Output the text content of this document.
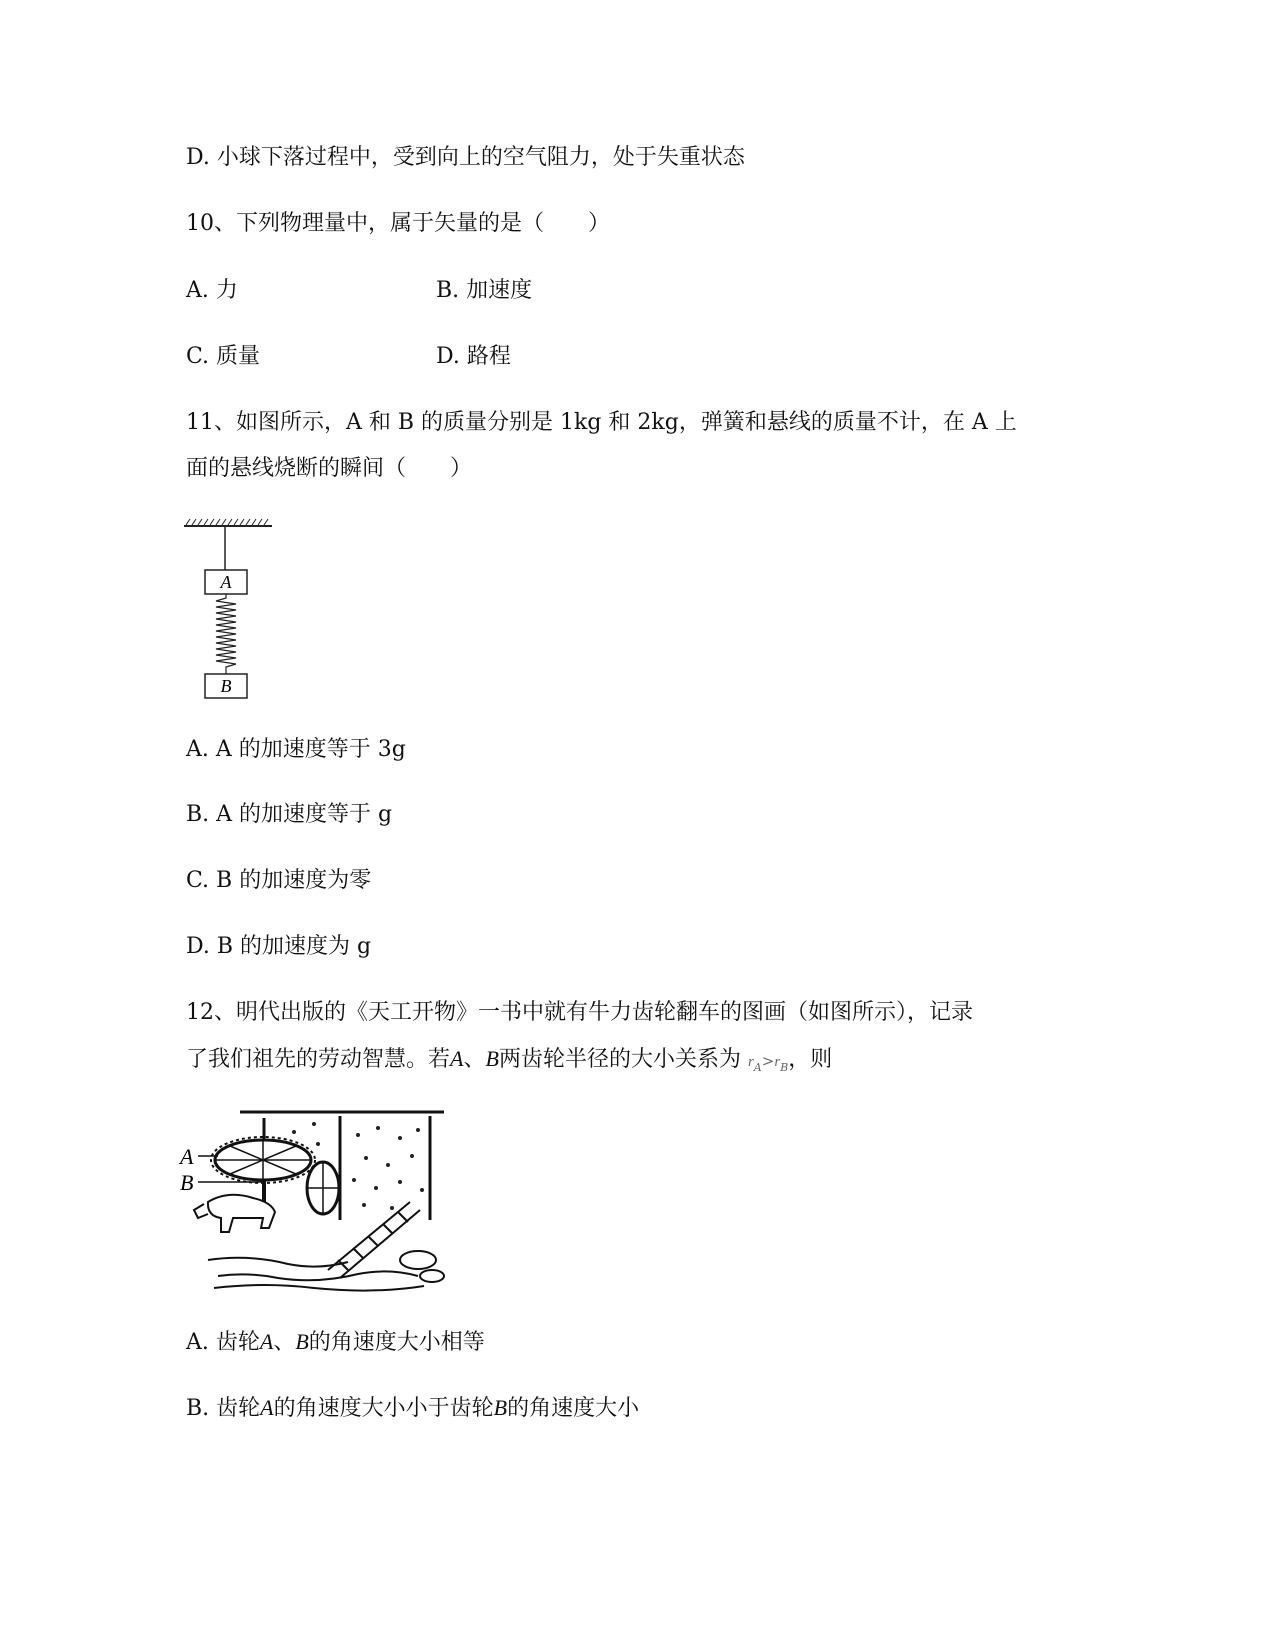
D. 小球下落过程中，受到向上的空气阻力，处于失重状态
10、下列物理量中，属于矢量的是（　　）
A. 力	B. 加速度
C. 质量	D. 路程
11、如图所示，A 和 B 的质量分别是 1kg 和 2kg，弹簧和悬线的质量不计，在 A 上
面的悬线烧断的瞬间（　　）
A
B
A. A 的加速度等于 3g
B. A 的加速度等于 g
C. B 的加速度为零
D. B 的加速度为 g
12、明代出版的《天工开物》一书中就有牛力齿轮翻车的图画（如图所示），记录
了我们祖先的劳动智慧。若A、B两齿轮半径的大小关系为 $r_A>r_B$，则
A
B
A. 齿轮A、B的角速度大小相等
B. 齿轮A的角速度大小小于齿轮B的角速度大小
